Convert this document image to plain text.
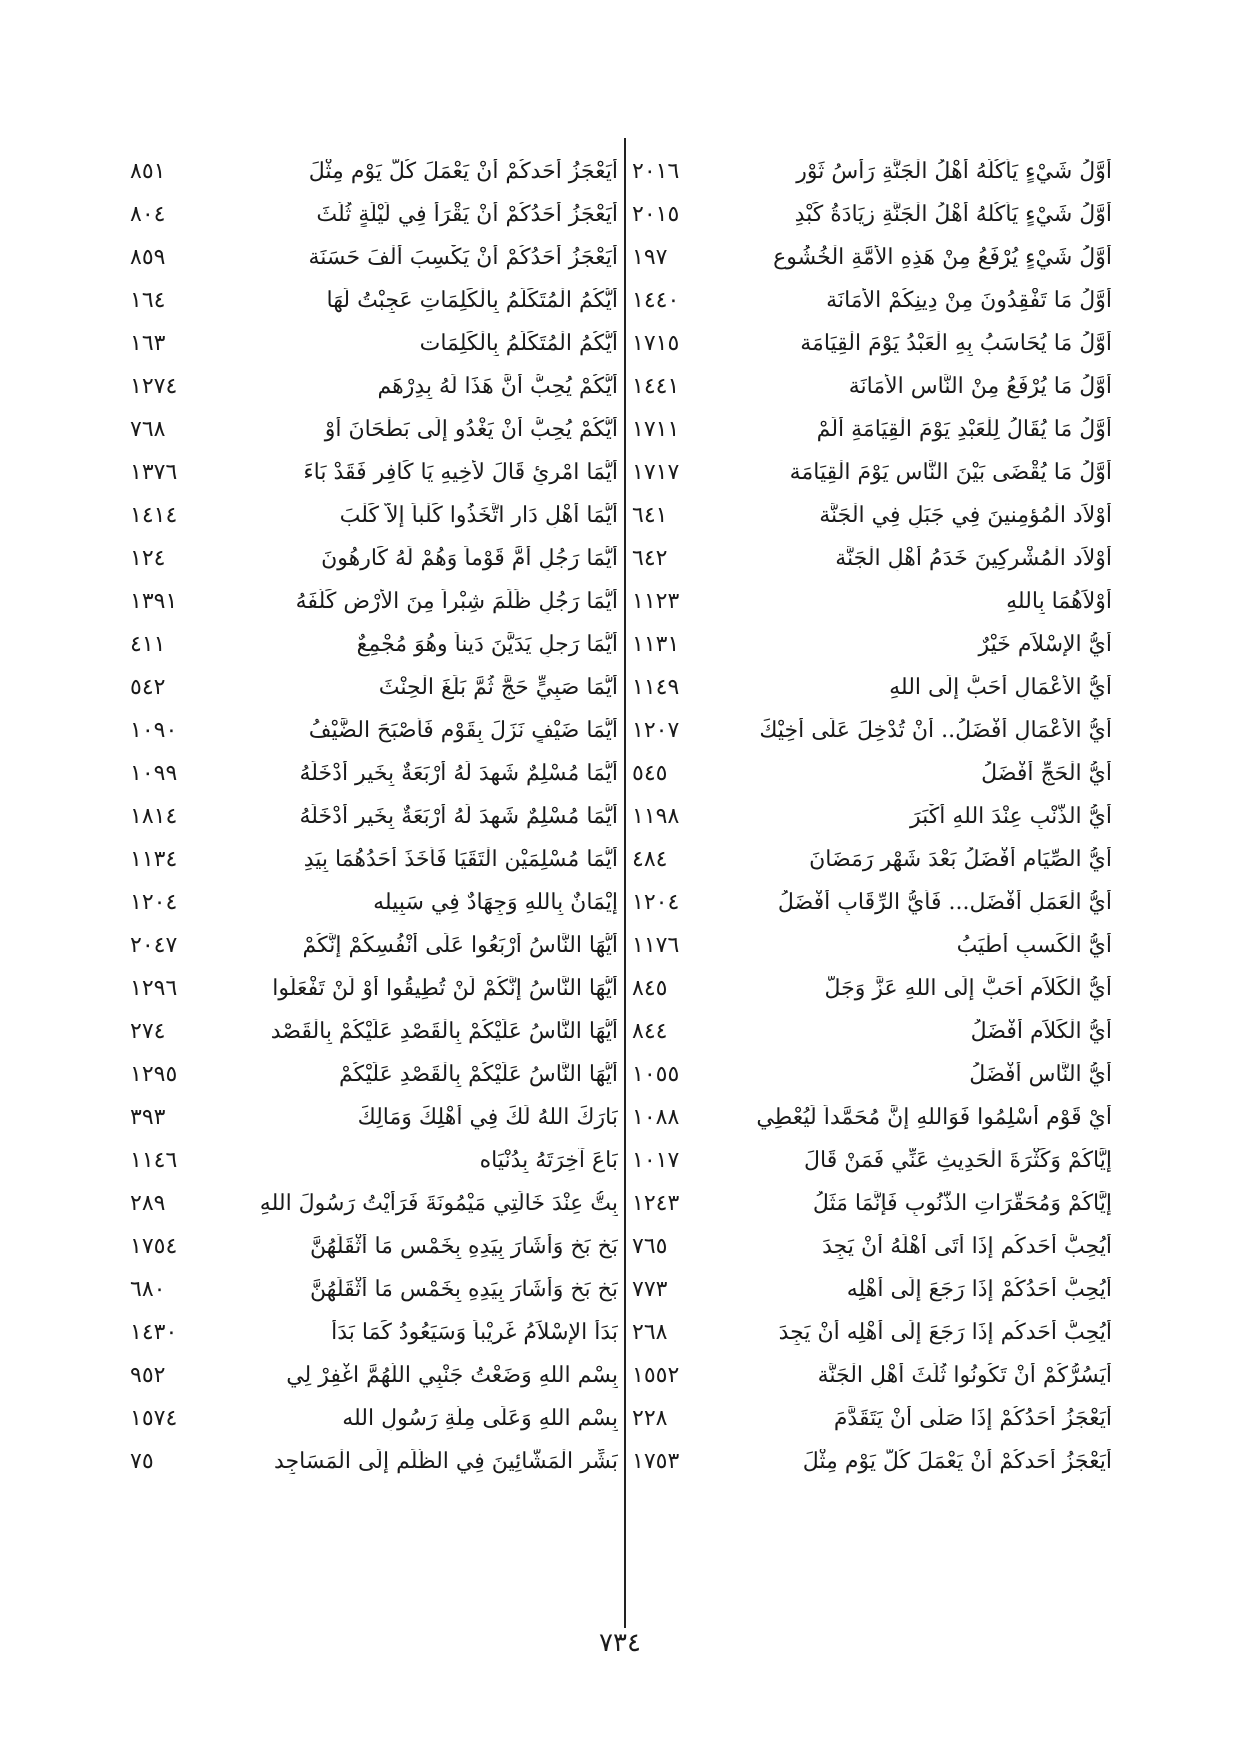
أَوَّلُ شَيْءٍ يَأْكُلُهُ أَهْلُ الْجَنَّةِ رَأْسُ ثَوْرٍ
٢٠١٦
أَوَّلُ شَيْءٍ يَأْكُلهُ أَهْلُ الْجَنَّةِ زِيَادَةُ كَبْدِ
٢٠١٥
أَوَّلُ شَيْءٍ يُرْفَعُ مِنْ هَذِهِ الأُمَّةِ الْخُشُوعِ
١٩٧
أَوَّلُ مَا تَفْقِدُونَ مِنْ دِينِكُمْ الأَمَانَة
١٤٤٠
أَوَّلُ مَا يُحَاسَبُ بِهِ الْعَبْدُ يَوْمَ الْقِيَامَة
١٧١٥
أَوَّلُ مَا يُرْفَعُ مِنْ النَّاسِ الأَمَانَة
١٤٤١
أَوَّلُ مَا يُقَالُ لِلْعَبْدِ يَوْمَ الْقِيَامَةِ أَلَمْ
١٧١١
أَوَّلُ مَا يُقْضَى بَيْنَ النَّاسِ يَوْمَ الْقِيَامَة
١٧١٧
أَوْلاَد الْمُؤمِنينَ فِي جَبَلٍ فِي الْجَنَّة
٦٤١
أَوْلاَد الْمُشْرِكِينَ خَدَمُ أَهْلِ الْجَنَّة
٦٤٢
أَوْلاَهُمَا بِاللهِ
١١٢٣
أَيُّ الإِسْلاَمِ خَيْرٌ
١١٣١
أَيُّ الأَعْمَالِ أَحَبُّ إِلَى اللهِ
١١٤٩
أَيُّ الأَعْمَالِ أَفْضَلُ.. أَنْ تُدْخِلَ عَلَى أَخِيْكَ
١٢٠٧
أَيُّ الْحَجِّ أَفْضَلُ
٥٤٥
أَيُّ الذَّنْبِ عِنْدَ اللهِ أَكْبَرَ
١١٩٨
أَيُّ الصِّيَامِ أَفْضَلُ بَعْدَ شَهْرِ رَمَضَانَ
٤٨٤
أَيُّ الْعَمَلِ أَفْضَل... فَأَيُّ الرِّقَابِ أَفْضَلُ
١٢٠٤
أَيُّ الْكَسبِ أَطْيَبُ
١١٧٦
أَيُّ الْكَلاَمِ أَحَبُّ إِلَى اللهِ عَزَّ وَجَلَّ
٨٤٥
أَيُّ الْكَلاَمِ أَفْضَلُ
٨٤٤
أَيُّ النَّاسِ أَفْضَلُ
١٠٥٥
أَيْ قَوْمِ أَسْلِمُوا فَوَاللهِ إِنَّ مُحَمَّداً لَيُعْطِي
١٠٨٨
إِيَّاكُمْ وَكَثْرَةَ الْحَدِيثِ عَنِّي فَمَنْ قَالَ
١٠١٧
إِيَّاكُمْ وَمُحَقَّرَاتِ الذُّنُوبِ فَإِنَّمَا مَثَلُ
١٢٤٣
أَيُحِبُّ أَحَدكُم إِذَا أَتَى أَهْلَهُ أَنْ يَجِدَ
٧٦٥
أَيُحِبُّ أَحَدُكُمْ إِذَا رَجَعَ إِلَى أَهْلِه
٧٧٣
أَيُحِبُّ أَحَدكُم إِذَا رَجَعَ إِلَى أَهْلِه أَنْ يَجِدَ
٢٦٨
أَيَسُرُّكُمْ أَنْ تَكُونُوا ثُلُثَ أَهْلِ الْجَنَّة
١٥٥٢
أَيَعْجَزُ أَحَدُكُمْ إِذَا صَلَّى أَنْ يَتَقَدَّمَ
٢٢٨
أَيَعْجَزُ أَحَدكُمْ أَنْ يَعْمَلَ كُلَّ يَوْمٍ مِثْلَ
١٧٥٣
أَيَعْجَزُ أَحَدكُمْ أَنْ يَعْمَلَ كُلَّ يَوْمٍ مِثْلَ
٨٥١
أَيَعْجَزُ أَحَدُكُمْ أَنْ يَقْرَأَ فِي لَيْلَةٍ ثُلُثَ
٨٠٤
أَيَعْجَزُ أَحَدُكُمْ أَنْ يَكْسِبَ أَلْفَ حَسَنَة
٨٥٩
أَيُّكُمُ الْمُتَكَلِّمُ بِالْكَلِمَاتِ عَجِبْتُ لَهَا
١٦٤
أَيُّكُمُ الْمُتَكَلِّمُ بِالْكَلِمَات
١٦٣
أَيُّكُمْ يُحِبُّ أَنَّ هَذَا لَهُ بِدِرْهَم
١٢٧٤
أَيُّكُمْ يُحِبُّ أَنْ يَغْدُو إِلَى بَطْحَانَ أَوْ
٧٦٨
أَيُّمَا امْرِئٍ قَالَ لأَخِيهِ يَا كَافِر فَقَدْ بَاءَ
١٣٧٦
أَيُّمَا أَهْلِ دَارٍ اتَّخَذُوا كَلْباً إِلاَّ كَلْبَ
١٤١٤
أَيُّمَا رَجُلٍ أَمَّ قَوْماً وَهُمْ لَهُ كَارِهُونَ
١٢٤
أَيُّمَا رَجُلٍ ظَلَمَ شِبْراً مِنَ الأَرْضِ كَلَّفَهُ
١٣٩١
أَيُّمَا رَجلٍ يَدَيَّنَ دَيناً وهُوَ مُجْمِعٌ
٤١١
أَيُّمَا صَبِيٍّ حَجَّ ثُمَّ بَلَغَ الْحِنْثَ
٥٤٢
أَيُّمَا ضَيْفٍ نَزَلَ بِقَوْمٍ فَأَصْبَحَ الضَّيْفُ
١٠٩٠
أَيُّمَا مُسْلِمٌ شَهِدَ لَهُ أَرْبَعَةٌ بِخَيرٍ أَدْخَلَهُ
١٠٩٩
أَيُّمَا مُسْلِمٌ شَهِدَ لَهُ أَرْبَعَةٌ بِخَيرٍ أَدْخَلَهُ
١٨١٤
أَيُّمَا مُسْلِمَيْنِ الْتَقَيَا فَأَخَذَ أَحَدُهُمَا بِيَدِ
١١٣٤
إِيْمَانٌ بِاللهِ وَجِهَادٌ فِي سَبِيله
١٢٠٤
أَيُّهَا النَّاسُ أَرْبَعُوا عَلَى أَنْفُسِكُمْ إِنَّكُمْ
٢٠٤٧
أَيُّهَا النَّاسُ إِنَّكُمْ لَنْ تُطِيقُوا أَوْ لَنْ تَفْعَلُوا
١٢٩٦
أَيُّهَا النَّاسُ عَلَيْكُمْ بِالْقَصْدِ عَلَيْكُمْ بِالْقَصْد
٢٧٤
أَيُّهَا النَّاسُ عَلَيْكُمْ بِالْقَصْدِ عَلَيْكُمْ
١٢٩٥
بَارَكَ اللهُ لَكَ فِي أَهْلِكَ وَمَالِكَ
٣٩٣
بَاعَ آخِرَتَهُ بِدُنْيَاه
١١٤٦
بِتُّ عِنْدَ خَالَتِي مَيْمُونَةَ فَرَأَيْتُ رَسُولَ اللهِ
٢٨٩
بَخٍ بَخٍ وَأَشَارَ بِيَدِهِ بِخَمْسٍ مَا أَثْقَلَهُنَّ
١٧٥٤
بَخٍ بَخٍ وَأَشَارَ بِيَدِهِ بِخَمْسٍ مَا أَثْقَلَهُنَّ
٦٨٠
بَدَأَ الإِسْلاَمُ غَرِيْباً وَسَيَعُودُ كَمَا بَدَأَ
١٤٣٠
بِسْمِ اللهِ وَضَعْتُ جَنْبِي اللَّهُمَّ اغْفِرْ لِي
٩٥٢
بِسْمِ اللهِ وَعَلَى مِلَّةِ رَسُولِ الله
١٥٧٤
بَشِّرِ الْمَشَّائِينَ فِي الظُّلَمِ إِلَى الْمَسَاجِد
٧٥
٧٣٤
